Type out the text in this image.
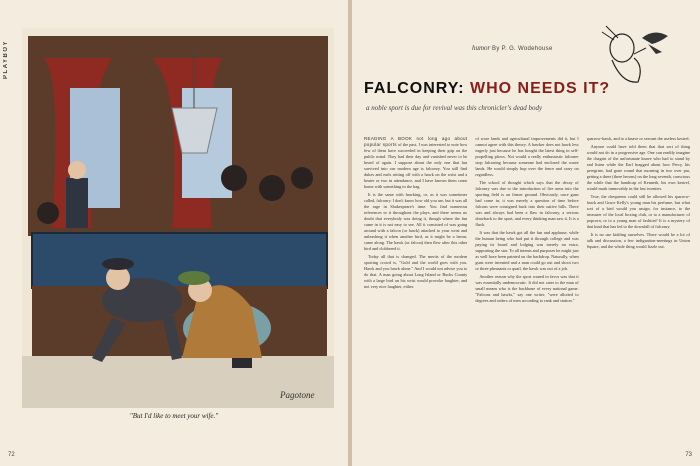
PLAYBOY
Pagotone
"But I'd like to meet your wife."
72
humor By P. G. Wodehouse
FALCONRY: WHO NEEDS IT?
a noble sport is due for revival was this chronicler's dead body

READING A BOOK not long ago about popular sports of the past, I was interested to note how few of them have succeeded in keeping their grip on the public mind. They had their day and vanished never to be heard of again. I suppose about the only one that has survived into our modern age is falconry. You still find dukes and earls setting off with a hawk on the wrist and a beater or two in attendance, and I have known them come home with something in the bag.

It is the same with hawking, or, as it was sometimes called, falconry. I don't know how old you are, but it was all the rage in Shakespeare's time. You find numerous references to it throughout the plays, and there seems no doubt that everybody was doing it, though where the fun came in it is not easy to see. All it consisted of was going around with a falcon (or hawk) attached to your wrist and unleashing it when another bird, as it might be a heron, came along. The hawk (or falcon) then flew after this other bird and clobbered it.

Today all that is changed. The merits of the modern sporting crowd is, "Gold and the world goes with you. Hawk and you hawk alone." And I would not advise you to do that. A man going about Long Island or Bucks County with a large bird on his wrist would provoke laughter, and not very nice laughter, either.

of wore lands and agricultural improvements did it, but I cannot agree with this theory. A hawker does not hawk less eagerly just because he has bought the latest thing in self-propelling plows. Not would a really enthusiastic falconer stop falconing because someone had enclosed the waste lands. He would simply hop over the fence and carry on regardless.

The school of thought which says that the decay of falconry was due to the introduction of fire arms into the sporting field is on firmer ground. Obviously, once guns had come in, it was merely a question of time before falcons were consigned back into their native hills. There was and always had been a flaw in falconry, a serious drawback to the sport, and every thinking man saw it. It is a flush.

It was that the hawk got all the fun and applause, while the human being who had put it through college and was paying its board and lodging was merely an extra, supporting the star. To all intents and purposes he might just as well have been painted on the backdrop. Naturally, when guns were invented and a man could go out and shoot two or three pheasants or quail, the hawk was out of a job.

Another reason why the sport waned in favor was that it was essentially undemocratic. It did not cater to the man of small means who is the backbone of every national game. "Falcons and hawks," say one writer, "were allotted to degrees and orders of men according to rank and station."

sparrow-hawk, and to a knave or servant the useless kestrel.

Anyone could have told them that that sort of thing would not do in a progressive age. One can readily imagine the chagrin of the unfortunate knave who had to stand by and listen while the Earl bragged about how Percy, his peregrine, had gone round that morning in two over par, getting a three (three herons) on the long seventh, conscious the while that the handicap of Kenneth, his own kestrel, would mark immovably in the last twenties.

True, the chequeens could still be allowed his sparrow-hawk and Grace Kelly's young man his perfume, but what sort of a bird would you assign, for instance, to the treasurer of the local boxing club, or to a manufacturer of popcorn, or to a young man of fashion? It is a mystery of that kind that has led to the downfall of falconry.

It is no use kidding ourselves. There would be a lot of talk and discussion, a few indignation-meetings in Union Square, and the whole thing would fizzle out.

73
